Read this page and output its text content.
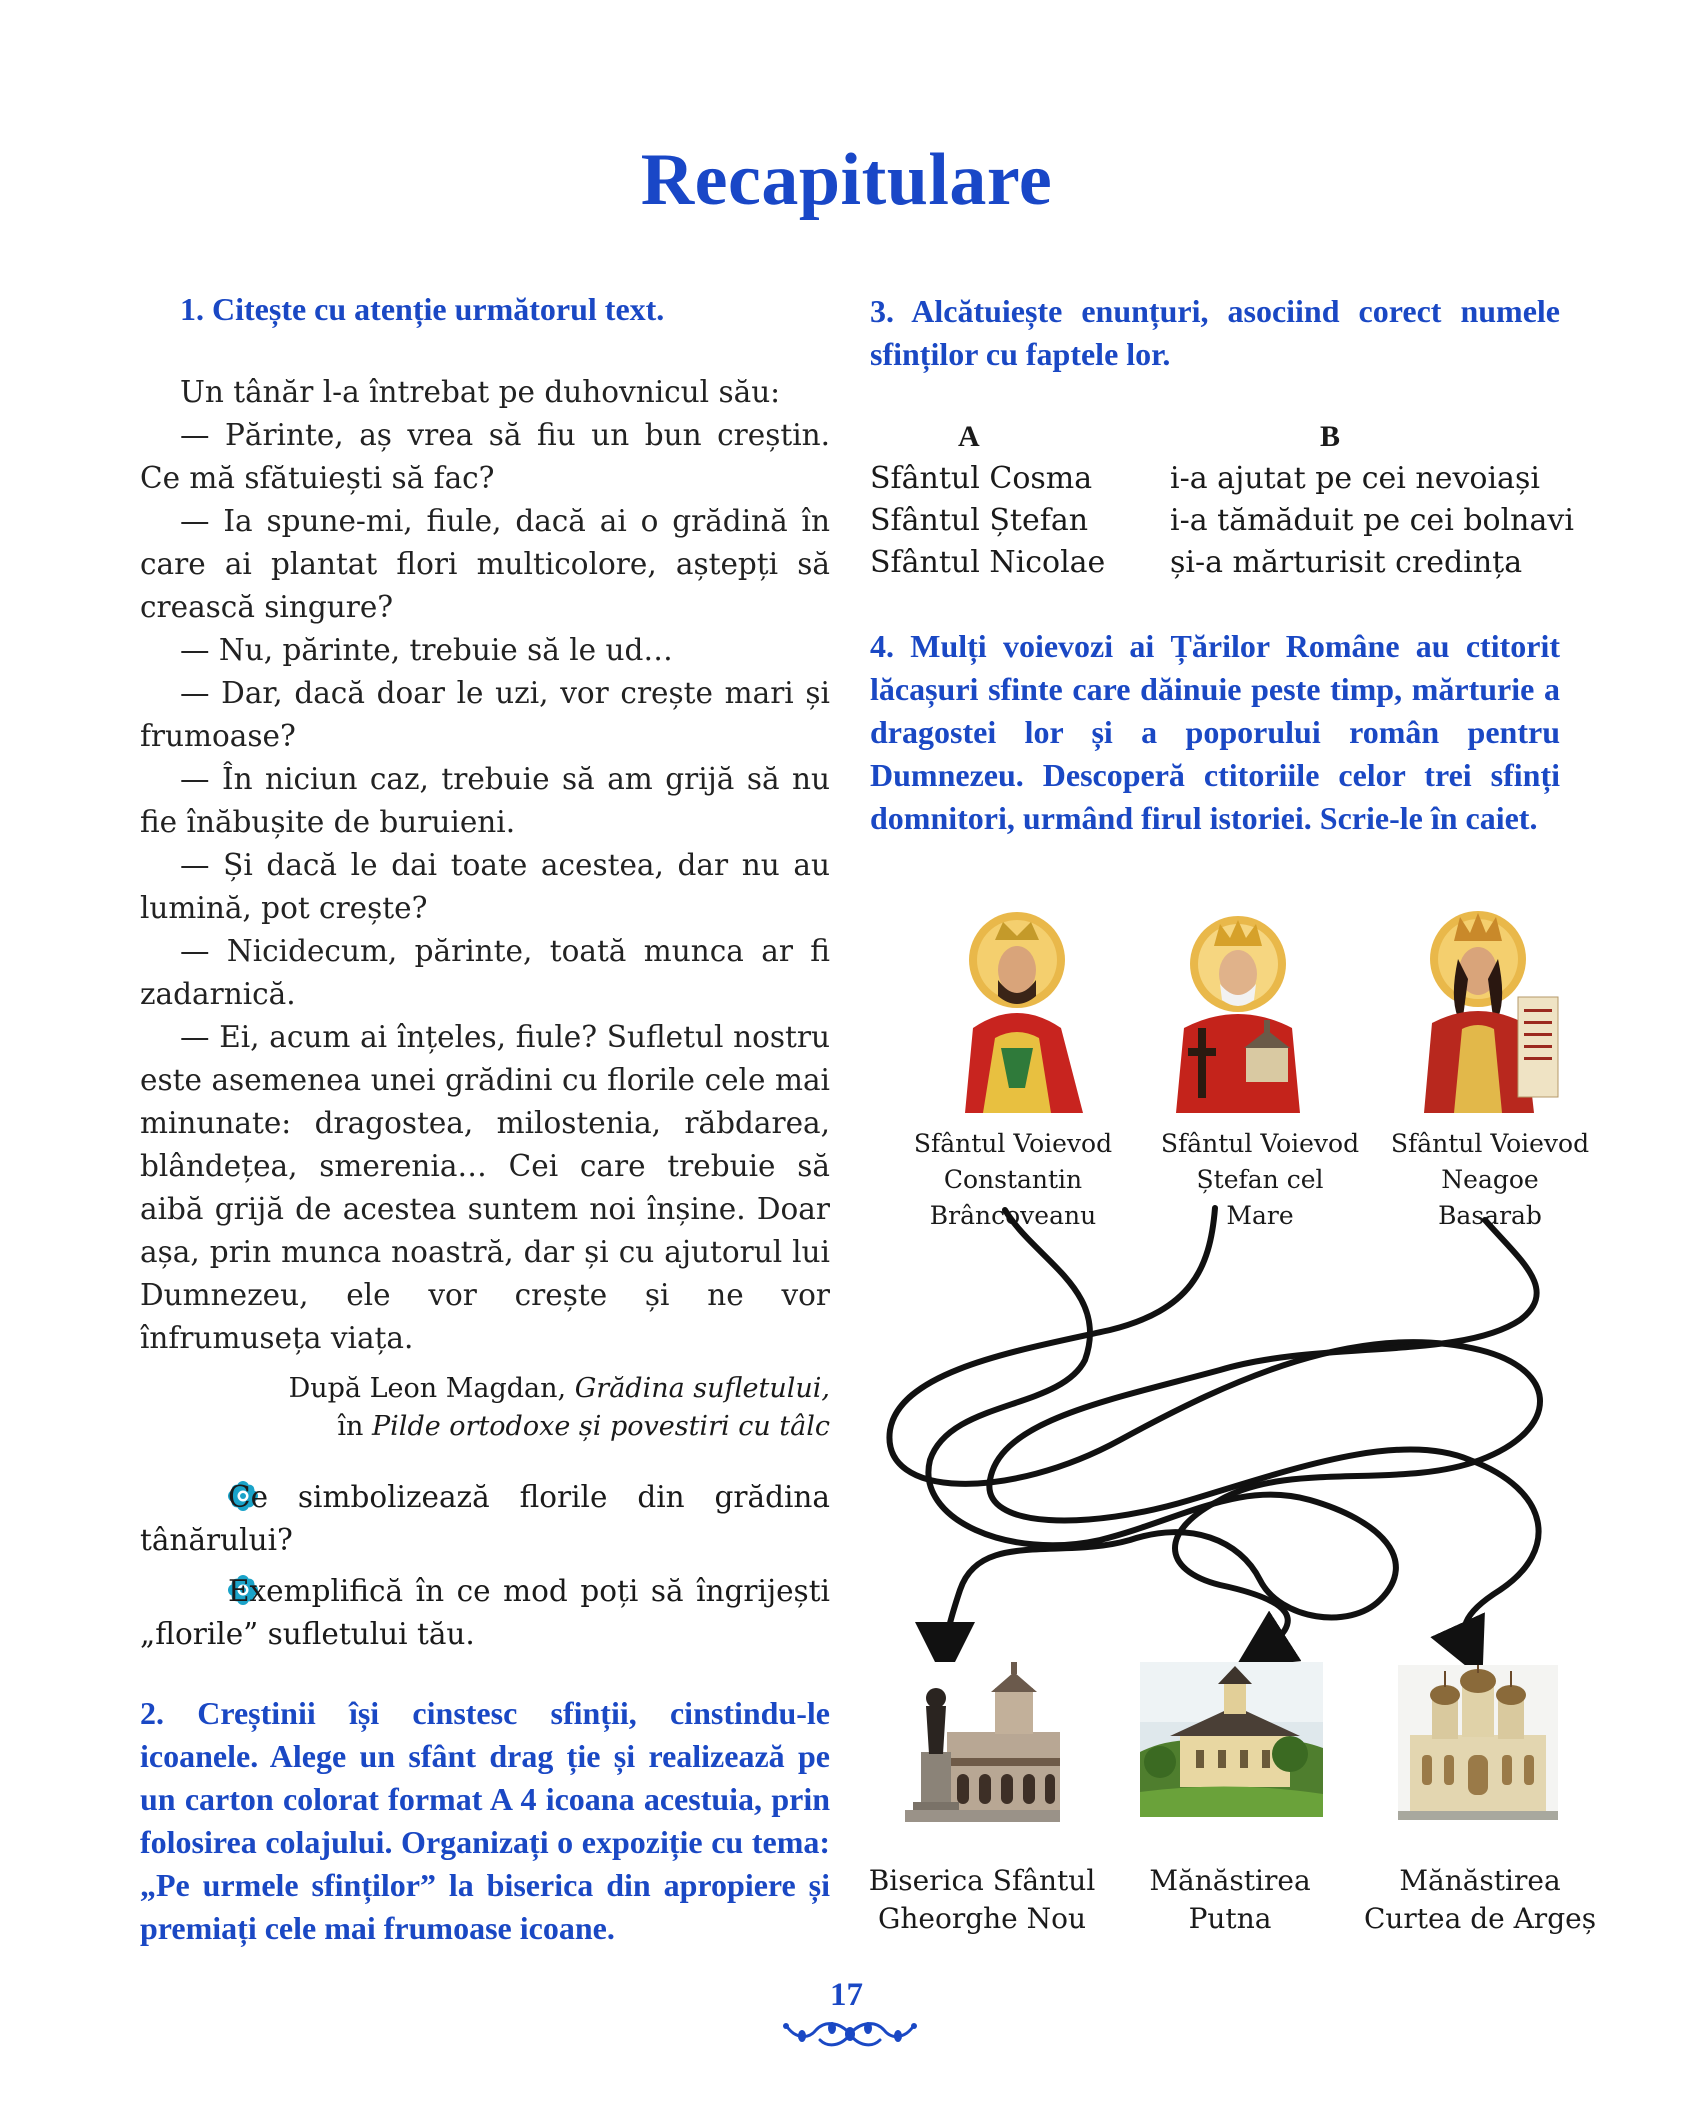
Recapitulare
1. Citește cu atenție următorul text.

Un tânăr l-a întrebat pe duhovnicul său:

— Părinte, aș vrea să fiu un bun creștin. Ce mă sfătuiești să fac?

— Ia spune-mi, fiule, dacă ai o grădină în care ai plantat flori multicolore, aștepți să crească singure?

— Nu, părinte, trebuie să le ud…

— Dar, dacă doar le uzi, vor crește mari și frumoase?

— În niciun caz, trebuie să am grijă să nu fie înăbușite de buruieni.

— Și dacă le dai toate acestea, dar nu au lumină, pot crește?

— Nicidecum, părinte, toată munca ar fi zadarnică.

— Ei, acum ai înțeles, fiule? Sufletul nostru este asemenea unei grădini cu florile cele mai minunate: dragostea, milostenia, răbdarea, blândețea, smerenia… Cei care trebuie să aibă grijă de acestea suntem noi înșine. Doar așa, prin munca noastră, dar și cu ajutorul lui Dumnezeu, ele vor crește și ne vor înfrumuseța viața.

După Leon Magdan, Grădina sufletului,
în Pilde ortodoxe și povestiri cu tâlc
Ce simbolizează florile din grădina tânărului?
Exemplifică în ce mod poți să îngrijești „florile” sufletului tău.
2. Creștinii își cinstesc sfinții, cinstindu-le icoanele. Alege un sfânt drag ție și realizează pe un carton colorat format A 4 icoana acestuia, prin folosirea colajului. Organizați o expoziție cu tema: „Pe urmele sfinților” la biserica din apropiere și premiați cele mai frumoase icoane.
3. Alcătuiește enunțuri, asociind corect numele sfinților cu faptele lor.
A	B
Sfântul Cosma
Sfântul Ștefan
Sfântul Nicolae
i-a ajutat pe cei nevoiași
i-a tămăduit pe cei bolnavi
și-a mărturisit credința
4. Mulți voievozi ai Țărilor Române au ctitorit lăcașuri sfinte care dăinuie peste timp, mărturie a dragostei lor și a poporului român pentru Dumnezeu. Descoperă ctitoriile celor trei sfinți domnitori, urmând firul istoriei. Scrie-le în caiet.
Sfântul Voievod
Constantin Brâncoveanu
Sfântul Voievod
Ștefan cel Mare
Sfântul Voievod
Neagoe Basarab
Biserica Sfântul
Gheorghe Nou
Mănăstirea
Putna
Mănăstirea
Curtea de Argeș
17
